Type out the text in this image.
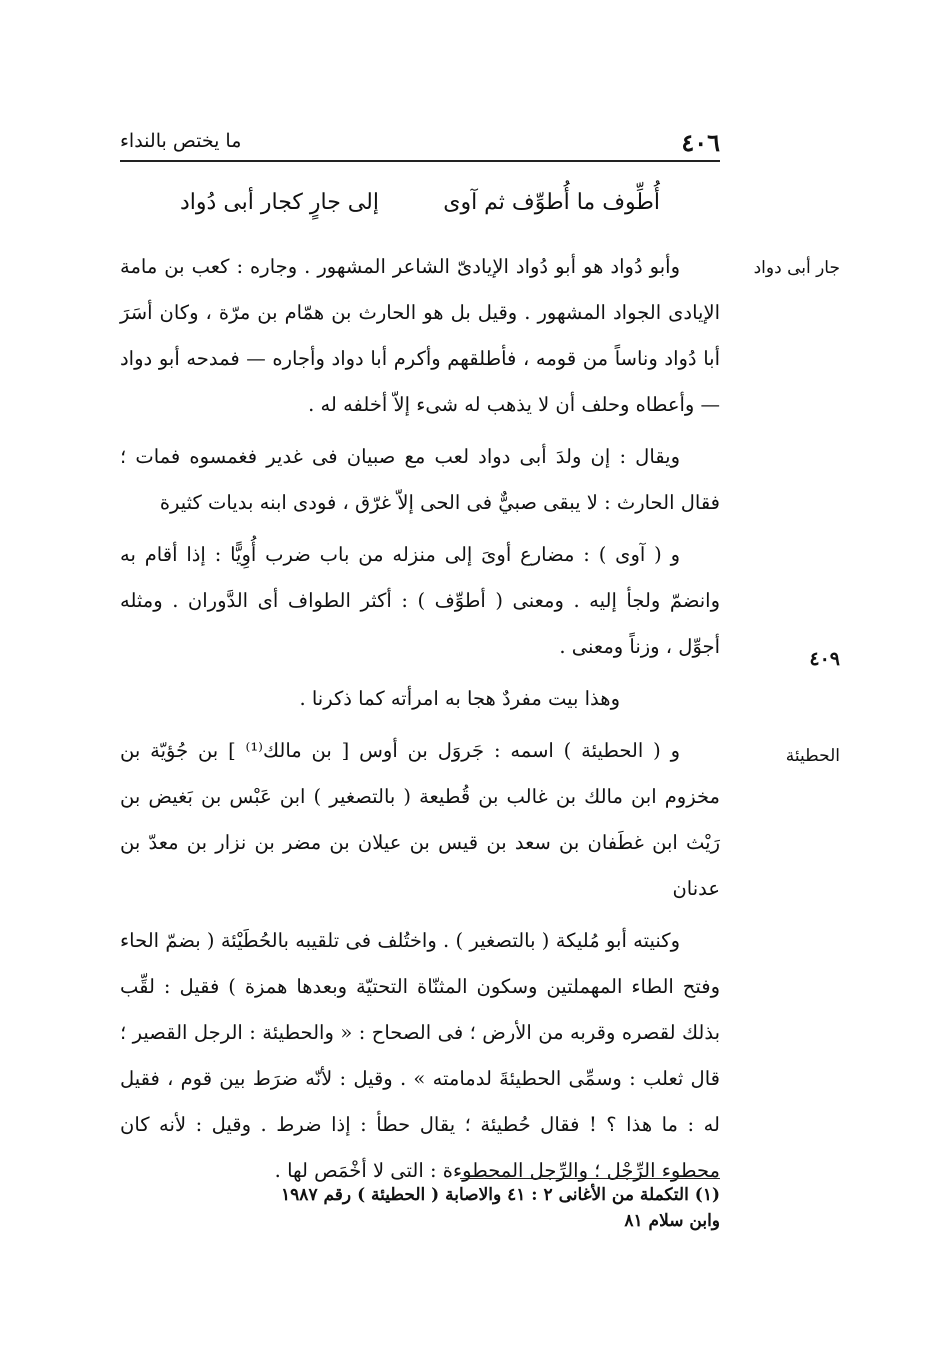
٤٠٦
ما يختص بالنداء
أُطِّوف ما أُطوِّف ثم آوى
إلى جارٍ كجار أبى دُواد
جار أبى دواد
٤٠٩
الحطيئة

وأبو دُواد هو أبو دُواد الإيادىّ الشاعر المشهور . وجاره : كعب بن مامة الإيادى الجواد المشهور . وقيل بل هو الحارث بن همّام بن مرّة ، وكان أسَرَ أبا دُواد وناساً من قومه ، فأطلقهم وأكرم أبا دواد وأجاره — فمدحه أبو دواد — وأعطاه وحلف أن لا يذهب له شىء إلاّ أخلفه له .

ويقال : إن ولدَ أبى دواد لعب مع صبيان فى غدير فغمسوه فمات ؛ فقال الحارث : لا يبقى صبيٌّ فى الحى إلاّ غرّق ، فودى ابنه بديات كثيرة

و ( آوى ) : مضارع أوىَ إلى منزله من باب ضرب أُوِيًّا : إذا أقام به وانضمّ ولجأ إليه . ومعنى ( أطوِّف ) : أكثر الطواف أى الدَّوران . ومثله أجوِّل ، وزناً ومعنى .

وهذا بيت مفردٌ هجا به امرأته كما ذكرنا .

و ( الحطيئة ) اسمه : جَروَل بن أوس [ بن مالك⁽¹⁾ ] بن جُؤيّة بن مخزوم ابن مالك بن غالب بن قُطيعة ( بالتصغير ) ابن عَبْس بن بَغيض بن رَيْث ابن غطَفان بن سعد بن قيس بن عيلان بن مضر بن نزار بن معدّ بن عدنان

وكنيته أبو مُليكة ( بالتصغير ) . واختُلف فى تلقيبه بالحُطَيْئة ( بضمّ الحاء وفتح الطاء المهملتين وسكون المثنّاة التحتيّة وبعدها همزة ) فقيل : لقِّب بذلك لقصره وقربه من الأرض ؛ فى الصحاح : « والحطيئة : الرجل القصير ؛ قال ثعلب : وسمِّى الحطيئةَ لدمامته » . وقيل : لأنّه ضرَط بين قوم ، فقيل له : ما هذا ؟ ! فقال حُطيئة ؛ يقال حطأ : إذا ضرط . وقيل : لأنه كان محطوء الرِّجْل ؛ والرِّجل المحطوءة : التى لا أخْمَص لها .

(١) التكملة من الأغانى ٢ : ٤١ والاصابة ( الحطيئة ) رقم ١٩٨٧

وابن سلام ٨١
